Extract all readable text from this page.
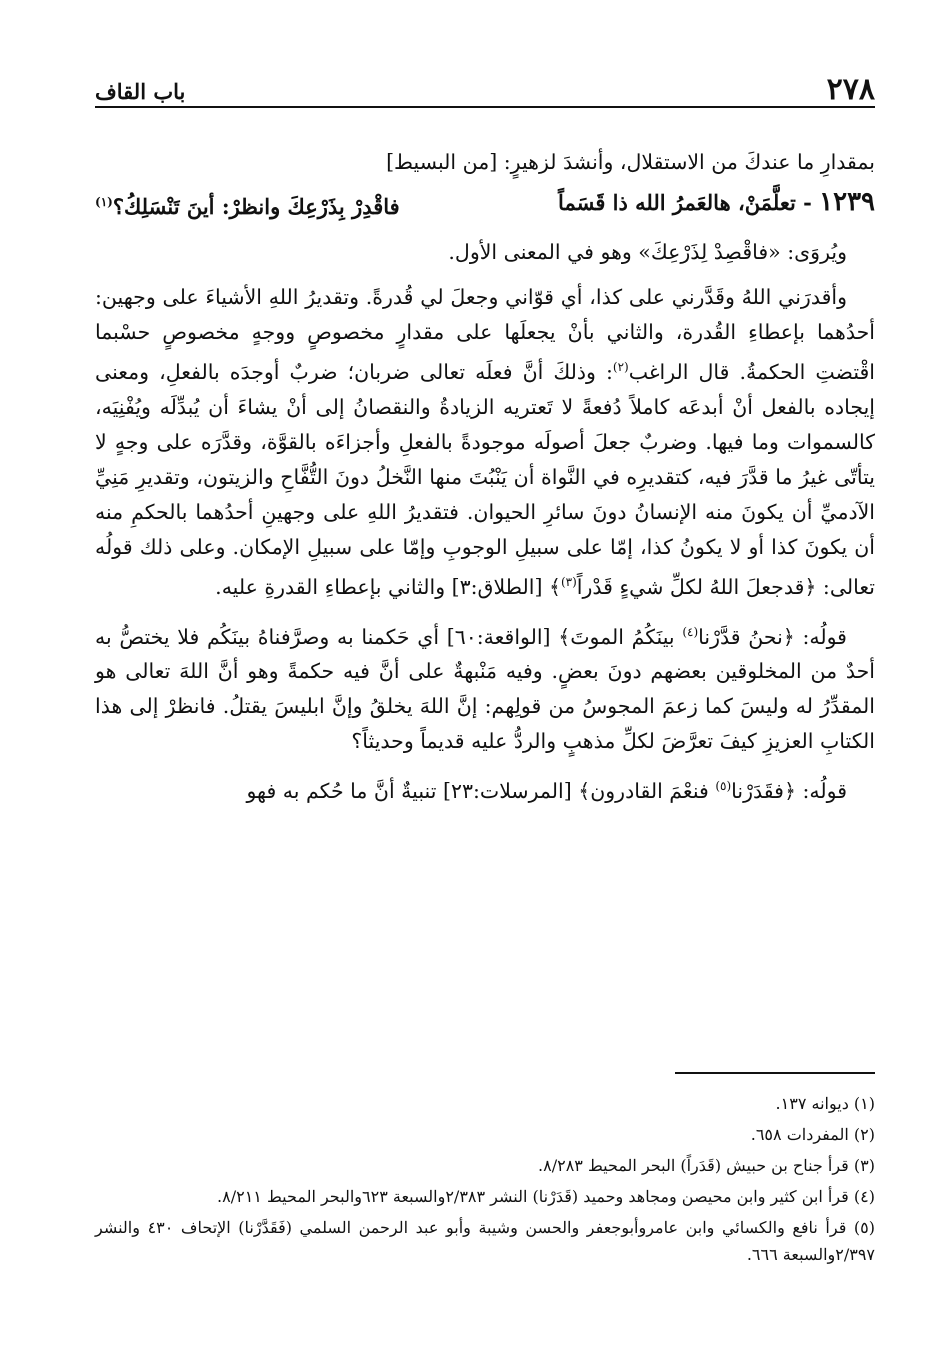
٢٧٨
باب القاف

بمقدارِ ما عندكَ من الاستقلال، وأنشدَ لزهيرٍ: [من البسيط]

١٢٣٩ - تعلَّمَنْ، هالعَمرُ الله ذا قَسَماً
فاقْدِرْ بِذَرْعِكَ وانظرْ: أينَ تَنْسَلِكُ؟$^{(١)}$

ويُروَى: «فاقْصِدْ لِذَرْعِكَ» وهو في المعنى الأول.

وأقدرَني اللهُ وقَدَّرني على كذا، أي قوّاني وجعلَ لي قُدرةً. وتقديرُ اللهِ الأشياءَ على وجهين: أحدُهما بإعطاءِ القُدرة، والثاني بأنْ يجعلَها على مقدارٍ مخصوصٍ ووجهٍ مخصوصٍ حسْبما اقْتضتِ الحكمةُ. قال الراغب$^{(٢)}$: وذلكَ أنَّ فعلَه تعالى ضربان؛ ضربٌ أوجدَه بالفعلِ، ومعنى إيجاده بالفعل أنْ أبدعَه كاملاً دُفعةً لا تَعتريه الزيادةُ والنقصانُ إلى أنْ يشاءَ أن يُبدِّلَه ويُفْنِيَه، كالسموات وما فيها. وضربٌ جعلَ أصولَه موجودةً بالفعلِ وأجزاءَه بالقوَّة، وقدَّرَه على وجهٍ لا يتأتّى غيرُ ما قدَّرَ فيه، كتقديرِه في النَّواة أن يَنْبُتَ منها النَّخلُ دونَ التُّفَّاحِ والزيتون، وتقديرِ مَنِيِّ الآدميِّ أن يكونَ منه الإنسانُ دونَ سائرِ الحيوان. فتقديرُ اللهِ على وجهينِ أحدُهما بالحكمِ منه أن يكونَ كذا أو لا يكونُ كذا، إمّا على سبيلِ الوجوبِ وإمّا على سبيلِ الإمكان. وعلى ذلك قولُه تعالى: ﴿قدجعلَ اللهُ لكلِّ شيءٍ قَدْراً$^{(٣)}$﴾ [الطلاق:٣] والثاني بإعطاءِ القدرةِ عليه.

قولُه: ﴿نحنُ قدَّرْنا$^{(٤)}$ بينَكُمُ الموتَ﴾ [الواقعة:٦٠] أي حَكمنا به وصرَّفناهُ بينَكُم فلا يختصُّ به أحدٌ من المخلوقين بعضهم دونَ بعضٍ. وفيه مَنْبهةٌ على أنَّ فيه حكمةً وهو أنَّ اللهَ تعالى هو المقدِّرُ له وليسَ كما زعمَ المجوسُ من قولِهم: إنَّ اللهَ يخلقُ وإنَّ ابليسَ يقتلُ. فانظرْ إلى هذا الكتابِ العزيزِ كيفَ تعرَّضَ لكلِّ مذهبٍ والردُّ عليه قديماً وحديثاً؟

قولُه: ﴿فقَدَرْنا$^{(٥)}$ فنعْمَ القادرون﴾ [المرسلات:٢٣] تنبيةٌ أنَّ ما حُكم به فهو

(١) ديوانه ١٣٧.

(٢) المفردات ٦٥٨.

(٣) قرأ جناح بن حبيش (قَدَراً) البحر المحيط ٨/٢٨٣.

(٤) قرأ ابن كثير وابن محيصن ومجاهد وحميد (قَدَرْنا) النشر ٢/٣٨٣والسبعة ٦٢٣والبحر المحيط ٨/٢١١.

(٥) قرأ نافع والكسائي وابن عامروأبوجعفر والحسن وشيبة وأبو عبد الرحمن السلمي (فَقَدَّرْنا) الإتحاف ٤٣٠ والنشر ٢/٣٩٧والسبعة ٦٦٦.
